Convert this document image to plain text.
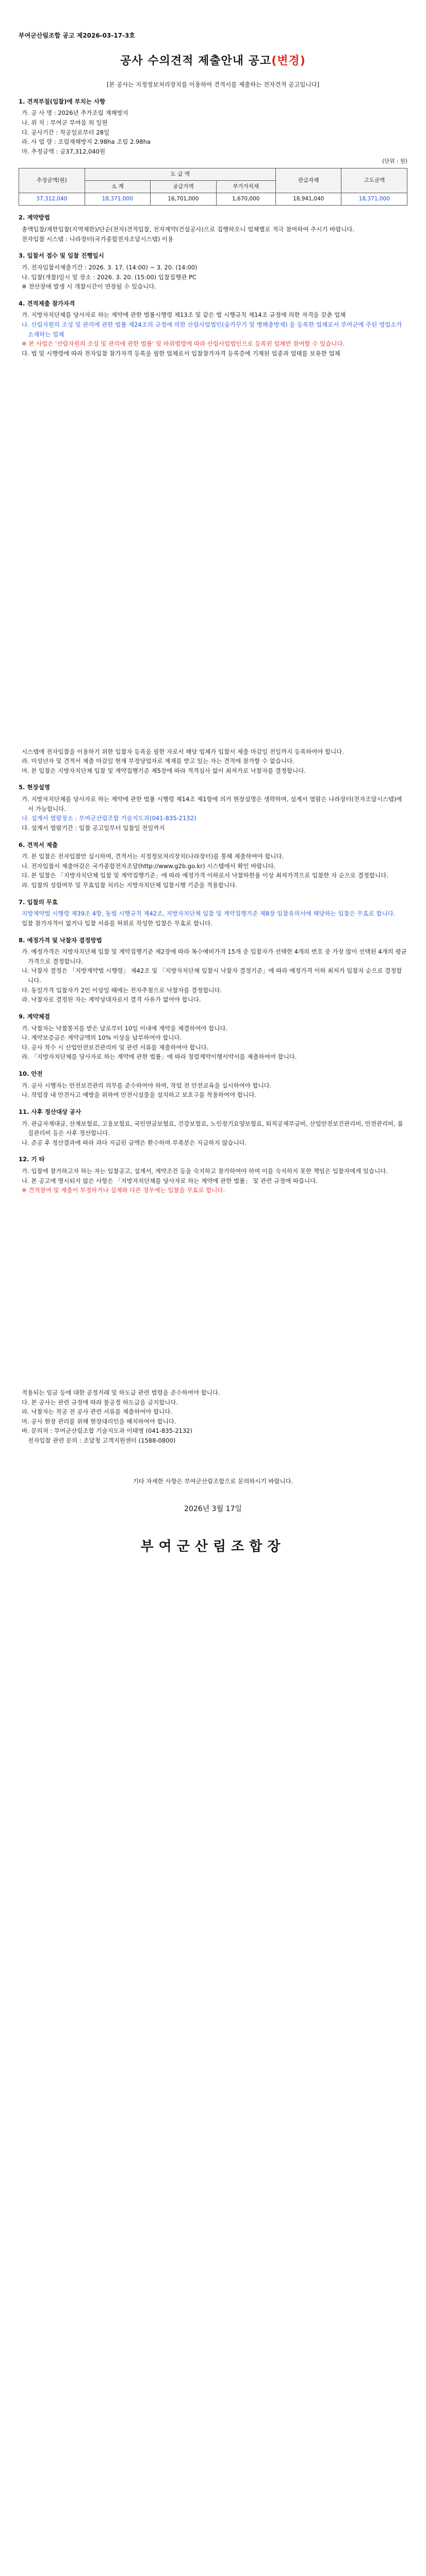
부여군산림조합 공고 제2026-03-17-3호
공사 수의견적 제출안내 공고(변경)
[본 공사는 지정정보처리장치를 이용하여 견적서를 제출하는 전자견적 공고입니다]
1. 견적부칠(입찰)에 부치는 사항
가. 공 사 명 : 2026년 추가조림 재해방지
나. 위 치 : 부여군 부여읍 외 일원
다. 공사기간 : 착공일로부터 28일
라. 사 업 량 : 조림재해방지 2.98ha 조림 2.98ha
마. 추정금액 : 금37,312,040원
(단위 : 원)
추정금액(원)	도 급 액			관급자재	고도금액
	소 계	공급가액	부가가치세		
37,312,040	18,371,000	16,701,000	1,670,000	18,941,040	18,371,000
2. 계약방법
총액입찰/제한입찰(지역제한)/단순(전자)견적입찰, 전자계약(건설공사)으로 집행하오니 업체별로 적극 참여하여 주시기 바랍니다.
전자입찰 시스템 : 나라장터(국가종합전자조달시스템) 이용
3. 입찰서 접수 및 입찰 진행일시
가. 전자입찰서제출기간 : 2026. 3. 17. (14:00) ~ 3. 20. (14:00)
나. 입찰(개찰)일시 및 장소 : 2026. 3. 20. (15:00) 입찰집행관 PC
※ 전산장애 발생 시 개찰시간이 연장될 수 있습니다.
4. 견적제출 참가자격
가. 지방자치단체를 당사자로 하는 계약에 관한 법률시행령 제13조 및 같은 법 시행규칙 제14조 규정에 의한 자격을 갖춘 업체
나. 산림자원의 조성 및 관리에 관한 법률 제24조의 규정에 의한 산림사업법인(숲가꾸기 및 병해충방제) 을 등록한 업체로서 부여군에 주된 영업소가 소재하는 업체
※ 본 사업은 '산림자원의 조성 및 관리에 관한 법률' 및 하위법령에 따라 산림사업법인으로 등록된 업체만 참여할 수 있습니다.
다. 법 및 시행령에 따라 전자입찰 참가자격 등록을 필한 업체로서 입찰참가자격 등록증에 기재된 업종과 업태를 보유한 업체
시스템에 전자입찰을 이용하기 위한 입찰자 등록을 필한 자로서 해당 업체가 입찰서 제출 마감일 전일까지 등록하여야 합니다.
라. 미성년자 및 견적서 제출 마감일 현재 부정당업자로 제재를 받고 있는 자는 견적에 참가할 수 없습니다.
마. 본 입찰은 지방자치단체 입찰 및 계약집행기준 제5장에 따라 적격심사 없이 최저가로 낙찰자를 결정합니다.
5. 현장설명
가. 지방자치단체를 당사자로 하는 계약에 관한 법률 시행령 제14조 제1항에 의거 현장설명은 생략하며, 설계서 열람은 나라장터(전자조달시스템)에서 가능합니다.
나. 설계서 열람장소 : 부여군산림조합 기술지도과(041-835-2132)
다. 설계서 열람기간 : 입찰 공고일부터 입찰일 전일까지
6. 견적서 제출
가. 본 입찰은 전자입찰만 실시하며, 견적서는 지정정보처리장치(나라장터)를 통해 제출하여야 합니다.
나. 전자입찰서 제출마감은 국가종합전자조달(http://www.g2b.go.kr) 시스템에서 확인 바랍니다.
다. 본 입찰은 「지방자치단체 입찰 및 계약집행기준」에 따라 예정가격 이하로서 낙찰하한율 이상 최저가격으로 입찰한 자 순으로 결정합니다.
라. 입찰의 성립여부 및 무효입찰 처리는 지방자치단체 입찰시행 기준을 적용합니다.
7. 입찰의 무효
지방계약법 시행령 제39조 4항, 동법 시행규칙 제42조, 지방자치단체 입찰 및 계약집행기준 제8장 입찰유의서에 해당하는 입찰은 무효로 합니다.
입찰 참가자격이 없거나 입찰 서류를 허위로 작성한 입찰은 무효로 합니다.
8. 예정가격 및 낙찰자 결정방법
가. 예정가격은 지방자치단체 입찰 및 계약집행기준 제2장에 따라 복수예비가격 15개 중 입찰자가 선택한 4개의 번호 중 가장 많이 선택된 4개의 평균가격으로 결정합니다.
나. 낙찰자 결정은 「지방계약법 시행령」 제42조 및 「지방자치단체 입찰시 낙찰자 결정기준」에 따라 예정가격 이하 최저가 입찰자 순으로 결정합니다.
다. 동일가격 입찰자가 2인 이상일 때에는 전자추첨으로 낙찰자를 결정합니다.
라. 낙찰자로 결정된 자는 계약상대자로서 결격 사유가 없어야 합니다.
9. 계약체결
가. 낙찰자는 낙찰통지를 받은 날로부터 10일 이내에 계약을 체결하여야 합니다.
나. 계약보증금은 계약금액의 10% 이상을 납부하여야 합니다.
다. 공사 착수 시 산업안전보건관리비 및 관련 서류를 제출하여야 합니다.
라. 「지방자치단체를 당사자로 하는 계약에 관한 법률」에 따라 청렴계약이행서약서를 제출하여야 합니다.
10. 안전
가. 공사 시행자는 안전보건관리 의무를 준수하여야 하며, 작업 전 안전교육을 실시하여야 합니다.
나. 작업장 내 안전사고 예방을 위하여 안전시설물을 설치하고 보호구를 착용하여야 합니다.
11. 사후 정산대상 공사
가. 관급자재대금, 산재보험료, 고용보험료, 국민연금보험료, 건강보험료, 노인장기요양보험료, 퇴직공제부금비, 산업안전보건관리비, 안전관리비, 품질관리비 등은 사후 정산합니다.
나. 준공 후 정산결과에 따라 과다 지급된 금액은 환수하며 부족분은 지급하지 않습니다.
12. 기 타
가. 입찰에 참가하고자 하는 자는 입찰공고, 설계서, 계약조건 등을 숙지하고 참가하여야 하며 이를 숙지하지 못한 책임은 입찰자에게 있습니다.
나. 본 공고에 명시되지 않은 사항은 「지방자치단체를 당사자로 하는 계약에 관한 법률」 및 관련 규정에 따릅니다.
※ 견적참여 및 제출이 부정하거나 실제와 다른 경우에는 입찰을 무효로 합니다.
적용되는 임금 등에 대한 공정거래 및 하도급 관련 법령을 준수하여야 합니다.
다. 본 공사는 관련 규정에 따라 불공정 하도급을 금지합니다.
라. 낙찰자는 착공 전 공사 관련 서류를 제출하여야 합니다.
마. 공사 현장 관리를 위해 현장대리인을 배치하여야 합니다.
바. 문의처 : 부여군산림조합 기술지도과 이태영 (041-835-2132)
전자입찰 관련 문의 : 조달청 고객지원센터 (1588-0800)
기타 자세한 사항은 부여군산림조합으로 문의하시기 바랍니다.
2026년 3월 17일
부여군산림조합장
